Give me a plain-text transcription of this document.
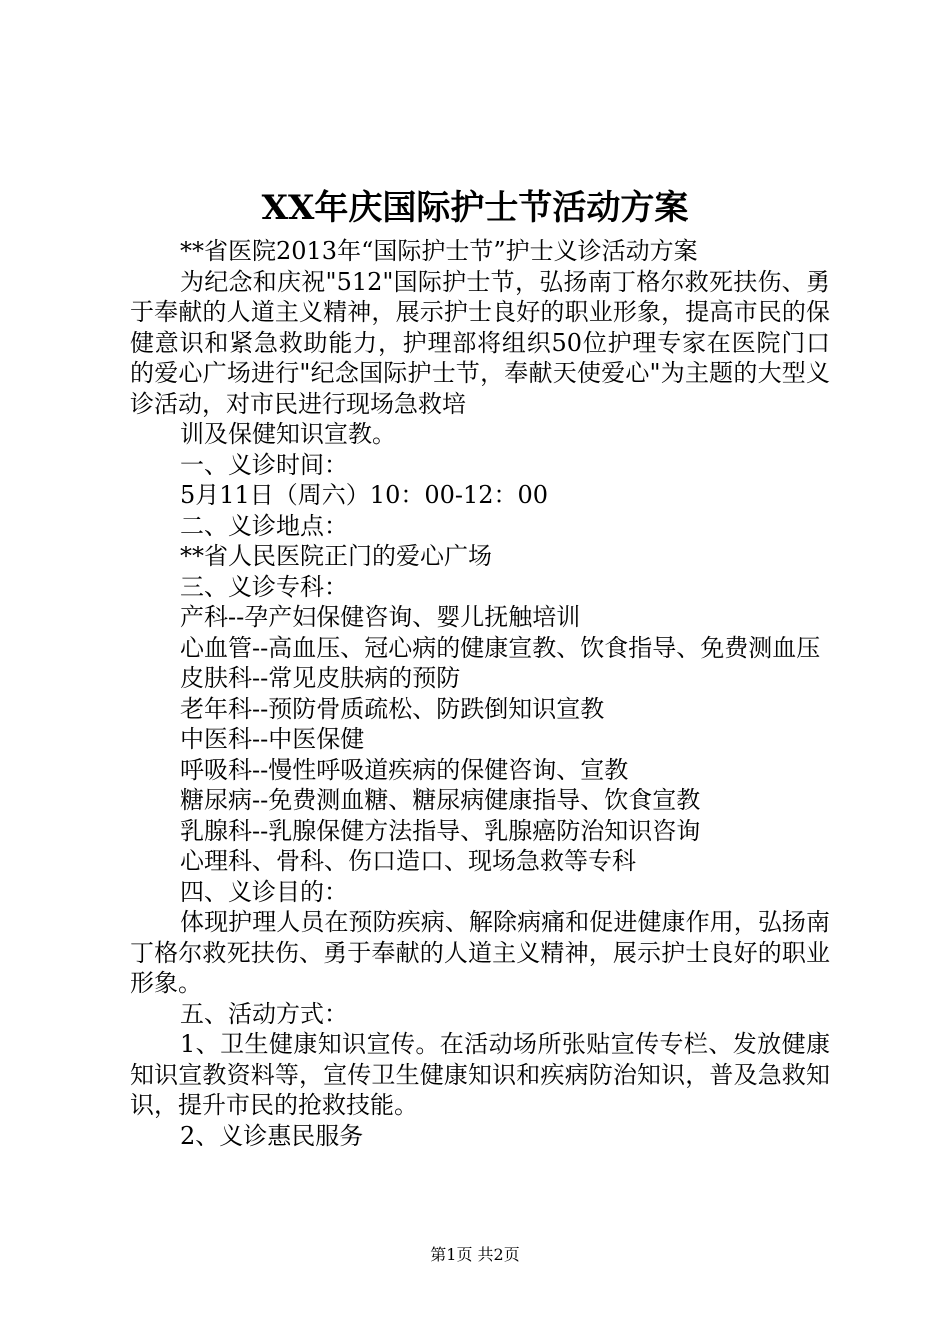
XX年庆国际护士节活动方案

**省医院2013年“国际护士节”护士义诊活动方案

为纪念和庆祝"512"国际护士节，弘扬南丁格尔救死扶伤、勇于奉献的人道主义精神，展示护士良好的职业形象，提高市民的保健意识和紧急救助能力，护理部将组织50位护理专家在医院门口的爱心广场进行"纪念国际护士节，奉献天使爱心"为主题的大型义诊活动，对市民进行现场急救培

训及保健知识宣教。

一、义诊时间：

5月11日（周六）10：00-12：00

二、义诊地点：

**省人民医院正门的爱心广场

三、义诊专科：

产科--孕产妇保健咨询、婴儿抚触培训

心血管--高血压、冠心病的健康宣教、饮食指导、免费测血压

皮肤科--常见皮肤病的预防

老年科--预防骨质疏松、防跌倒知识宣教

中医科--中医保健

呼吸科--慢性呼吸道疾病的保健咨询、宣教

糖尿病--免费测血糖、糖尿病健康指导、饮食宣教

乳腺科--乳腺保健方法指导、乳腺癌防治知识咨询

心理科、骨科、伤口造口、现场急救等专科

四、义诊目的：

体现护理人员在预防疾病、解除病痛和促进健康作用，弘扬南丁格尔救死扶伤、勇于奉献的人道主义精神，展示护士良好的职业形象。

五、活动方式：

1、卫生健康知识宣传。在活动场所张贴宣传专栏、发放健康知识宣教资料等，宣传卫生健康知识和疾病防治知识，普及急救知识，提升市民的抢救技能。

2、义诊惠民服务

第1页 共2页
